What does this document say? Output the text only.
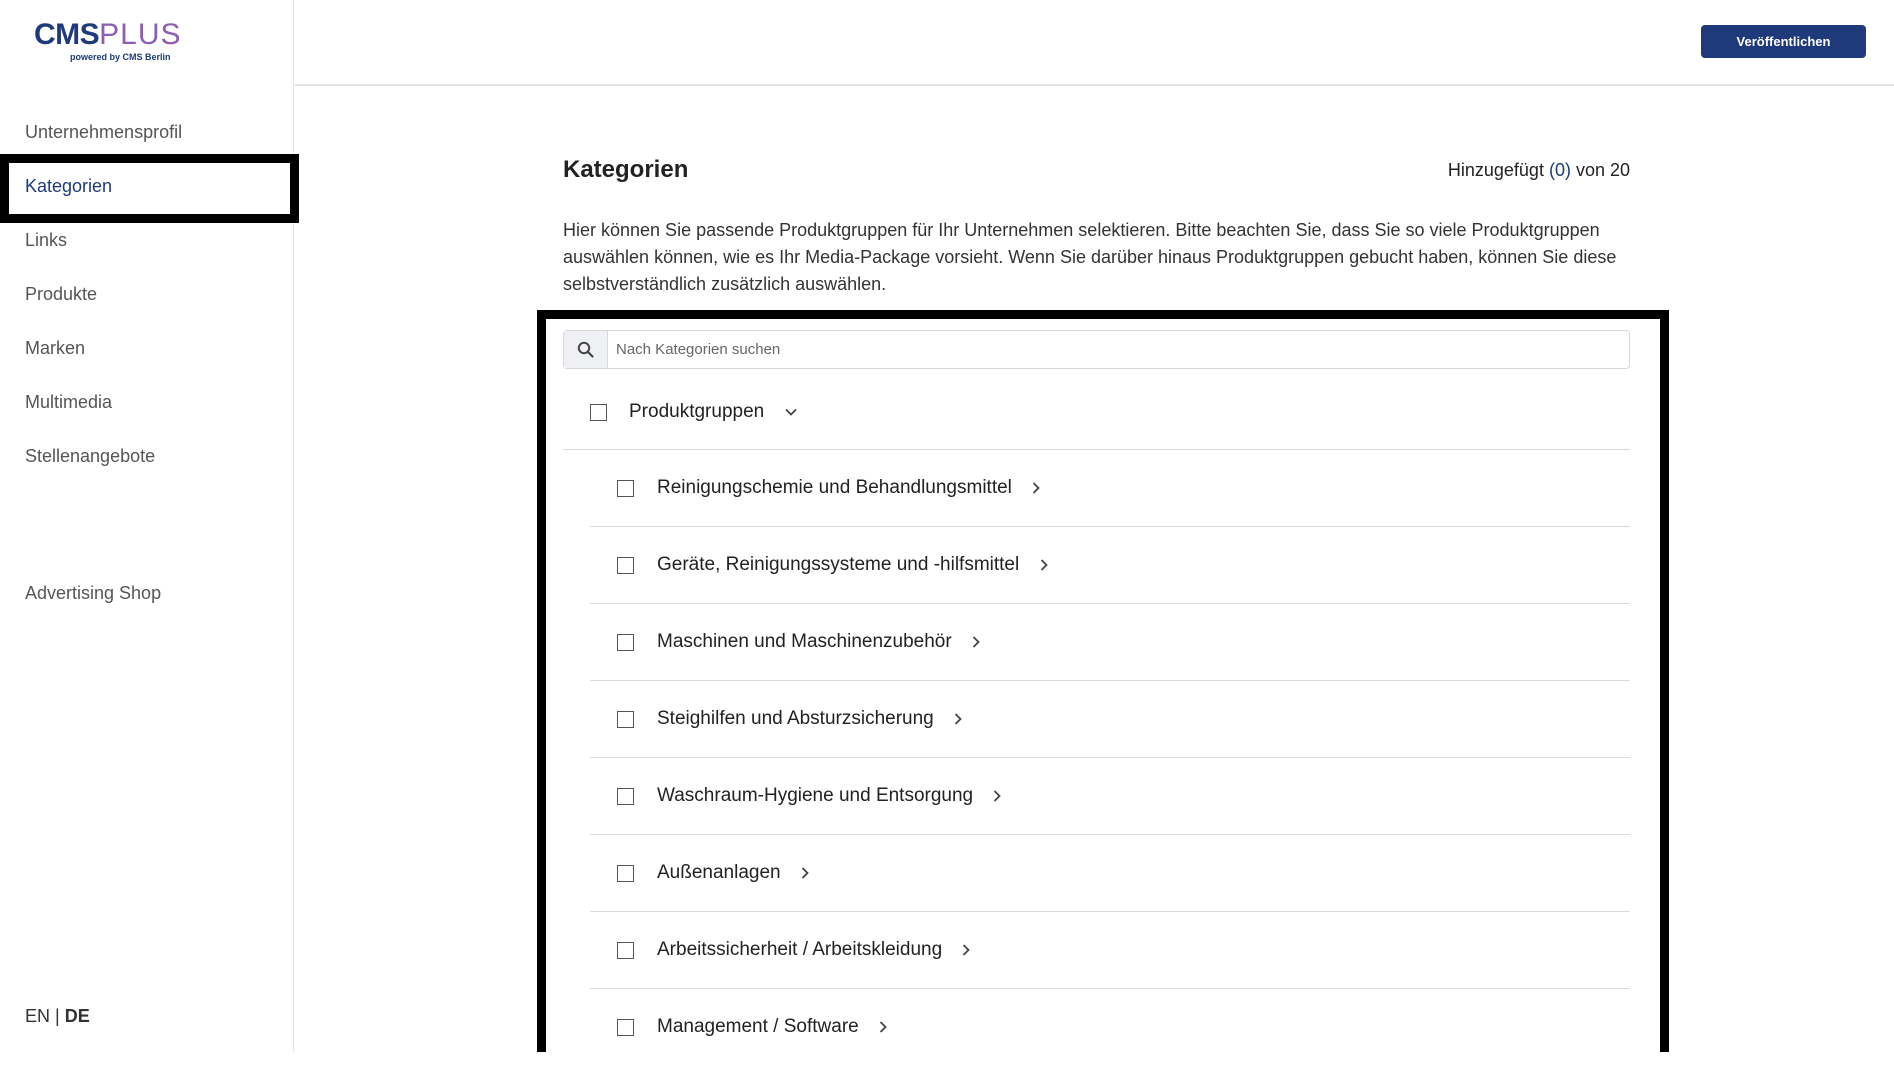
CMSPLUS
powered by CMS Berlin
Unternehmensprofil
Kategorien
Links
Produkte
Marken
Multimedia
Stellenangebote
Advertising Shop
EN | DE
Veröffentlichen
Kategorien	Hinzugefügt (0) von 20

Hier können Sie passende Produktgruppen für Ihr Unternehmen selektieren. Bitte beachten Sie, dass Sie so viele Produktgruppen auswählen können, wie es Ihr Media-Package vorsieht. Wenn Sie darüber hinaus Produktgruppen gebucht haben, können Sie diese selbstverständlich zusätzlich auswählen.

Nach Kategorien suchen
Produktgruppen
Reinigungschemie und Behandlungsmittel
Geräte, Reinigungssysteme und -hilfsmittel
Maschinen und Maschinenzubehör
Steighilfen und Absturzsicherung
Waschraum-Hygiene und Entsorgung
Außenanlagen
Arbeitssicherheit / Arbeitskleidung
Management / Software
